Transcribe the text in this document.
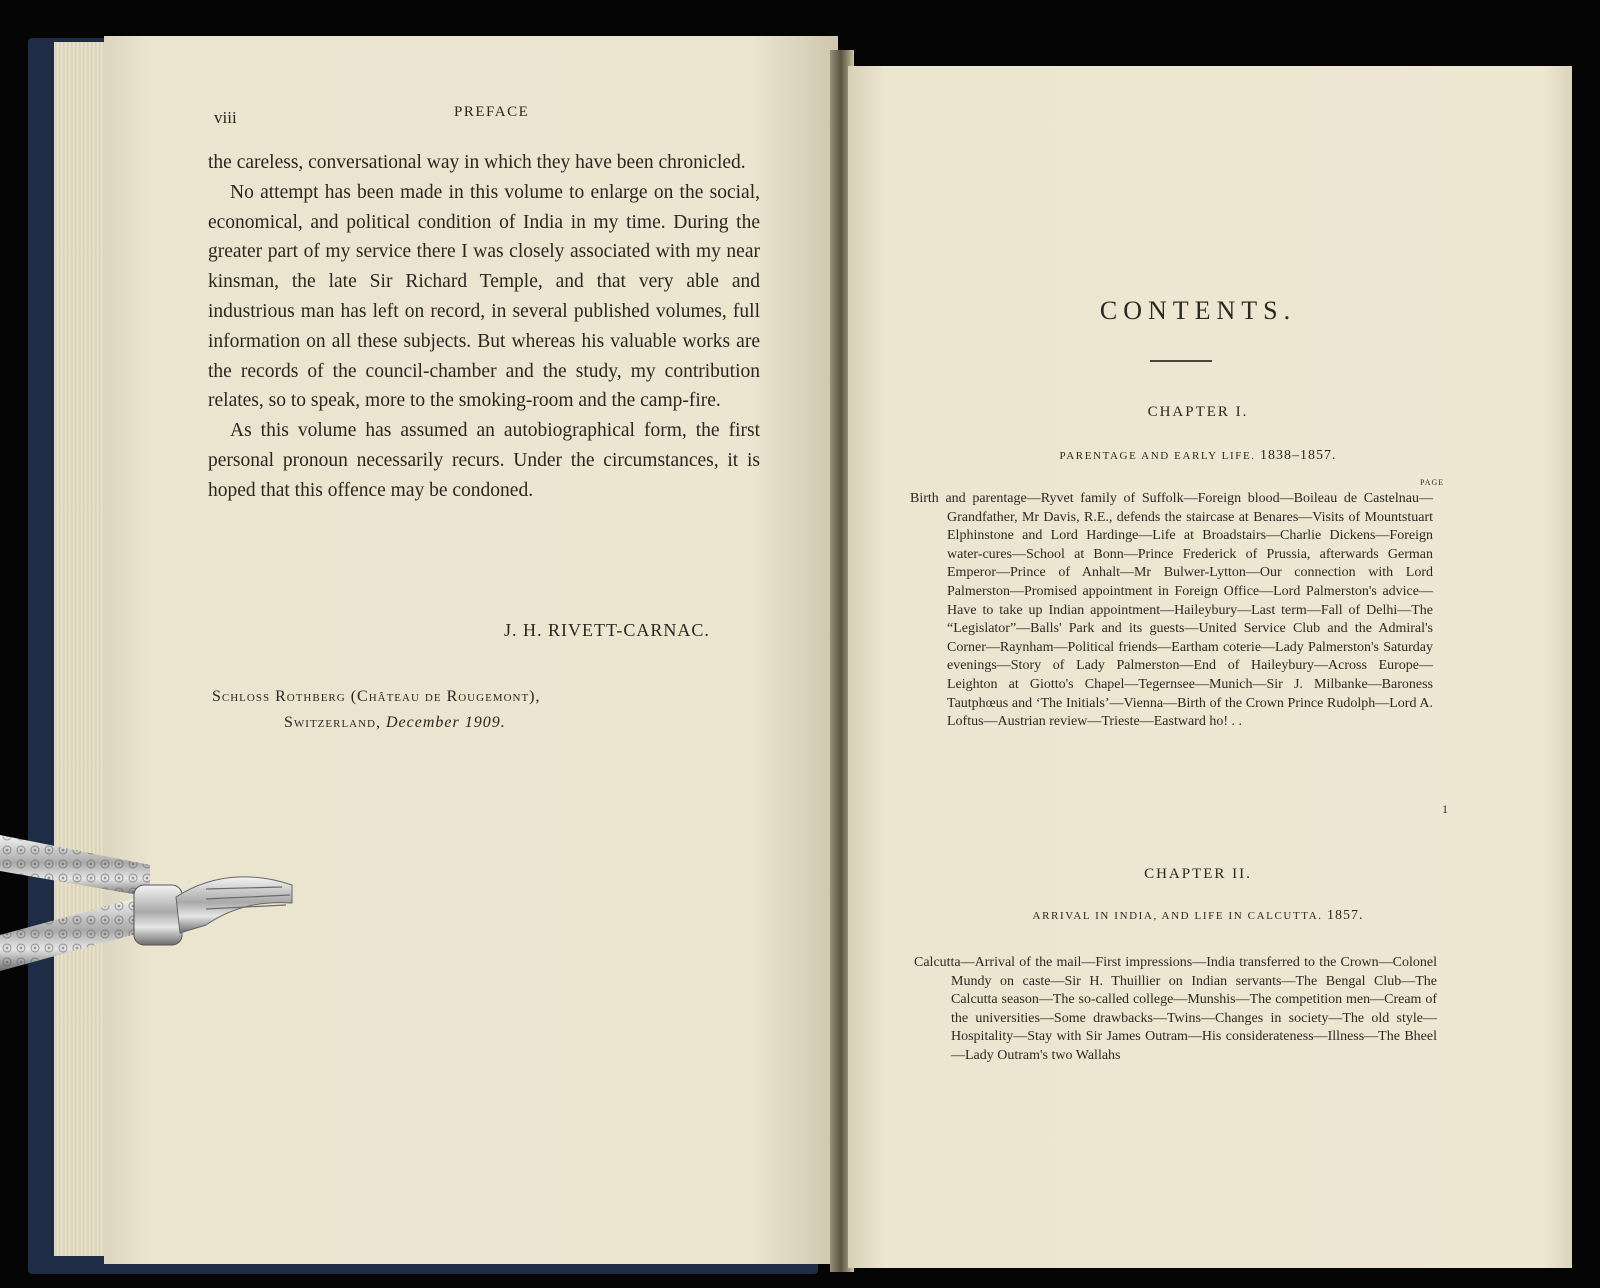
viii	PREFACE

the careless, conversational way in which they have been chronicled.

No attempt has been made in this volume to enlarge on the social, economical, and political condition of India in my time. During the greater part of my service there I was closely associated with my near kinsman, the late Sir Richard Temple, and that very able and industrious man has left on record, in several published volumes, full information on all these subjects. But whereas his valuable works are the records of the council-chamber and the study, my contribution relates, so to speak, more to the smoking-room and the camp-fire.

As this volume has assumed an autobiographical form, the first personal pronoun necessarily recurs. Under the circumstances, it is hoped that this offence may be condoned.

J. H. RIVETT-CARNAC.
Schloss Rothberg (Château de Rougemont),
Switzerland, December 1909.
CONTENTS.
CHAPTER I.
PARENTAGE AND EARLY LIFE. 1838–1857.
PAGE
Birth and parentage—Ryvet family of Suffolk—Foreign blood—Boileau de Castelnau—Grandfather, Mr Davis, R.E., defends the staircase at Benares—Visits of Mountstuart Elphinstone and Lord Hardinge—Life at Broadstairs—Charlie Dickens—Foreign water-cures—School at Bonn—Prince Frederick of Prussia, afterwards German Emperor—Prince of Anhalt—Mr Bulwer-Lytton—Our connection with Lord Palmerston—Promised appointment in Foreign Office—Lord Palmerston's advice—Have to take up Indian appointment—Haileybury—Last term—Fall of Delhi—The “Legislator”—Balls' Park and its guests—United Service Club and the Admiral's Corner—Raynham—Political friends—Eartham coterie—Lady Palmerston's Saturday evenings—Story of Lady Palmerston—End of Haileybury—Across Europe—Leighton at Giotto's Chapel—Tegernsee—Munich—Sir J. Milbanke—Baroness Tautphœus and ‘The Initials’—Vienna—Birth of the Crown Prince Rudolph—Lord A. Loftus—Austrian review—Trieste—Eastward ho! . .
1
CHAPTER II.
ARRIVAL IN INDIA, AND LIFE IN CALCUTTA. 1857.
Calcutta—Arrival of the mail—First impressions—India transferred to the Crown—Colonel Mundy on caste—Sir H. Thuillier on Indian servants—The Bengal Club—The Calcutta season—The so-called college—Munshis—The competition men—Cream of the universities—Some drawbacks—Twins—Changes in society—The old style—Hospitality—Stay with Sir James Outram—His considerateness—Illness—The Bheel—Lady Outram's two Wallahs
